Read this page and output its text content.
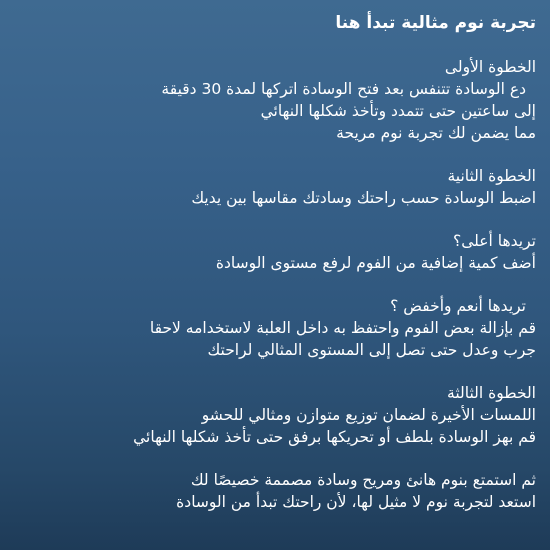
تجربة نوم مثالية تبدأ هنا
الخطوة الأولى
دع الوسادة تتنفس بعد فتح الوسادة اتركها لمدة 30 دقيقة
إلى ساعتين حتى تتمدد وتأخذ شكلها النهائي
مما يضمن لك تجربة نوم مريحة
الخطوة الثانية
اضبط الوسادة حسب راحتك وسادتك مقاسها بين يديك
تريدها أعلى؟
أضف كمية إضافية من الفوم لرفع مستوى الوسادة
تريدها أنعم وأخفض ؟
قم بإزالة بعض الفوم واحتفظ به داخل العلبة لاستخدامه لاحقا
جرب وعدل حتى تصل إلى المستوى المثالي لراحتك
الخطوة الثالثة
اللمسات الأخيرة لضمان توزيع متوازن ومثالي للحشو
قم بهز الوسادة بلطف أو تحريكها برفق حتى تأخذ شكلها النهائي
ثم استمتع بنوم هانئ ومريح وسادة مصممة خصيصًا لك
استعد لتجربة نوم لا مثيل لها، لأن راحتك تبدأ من الوسادة
